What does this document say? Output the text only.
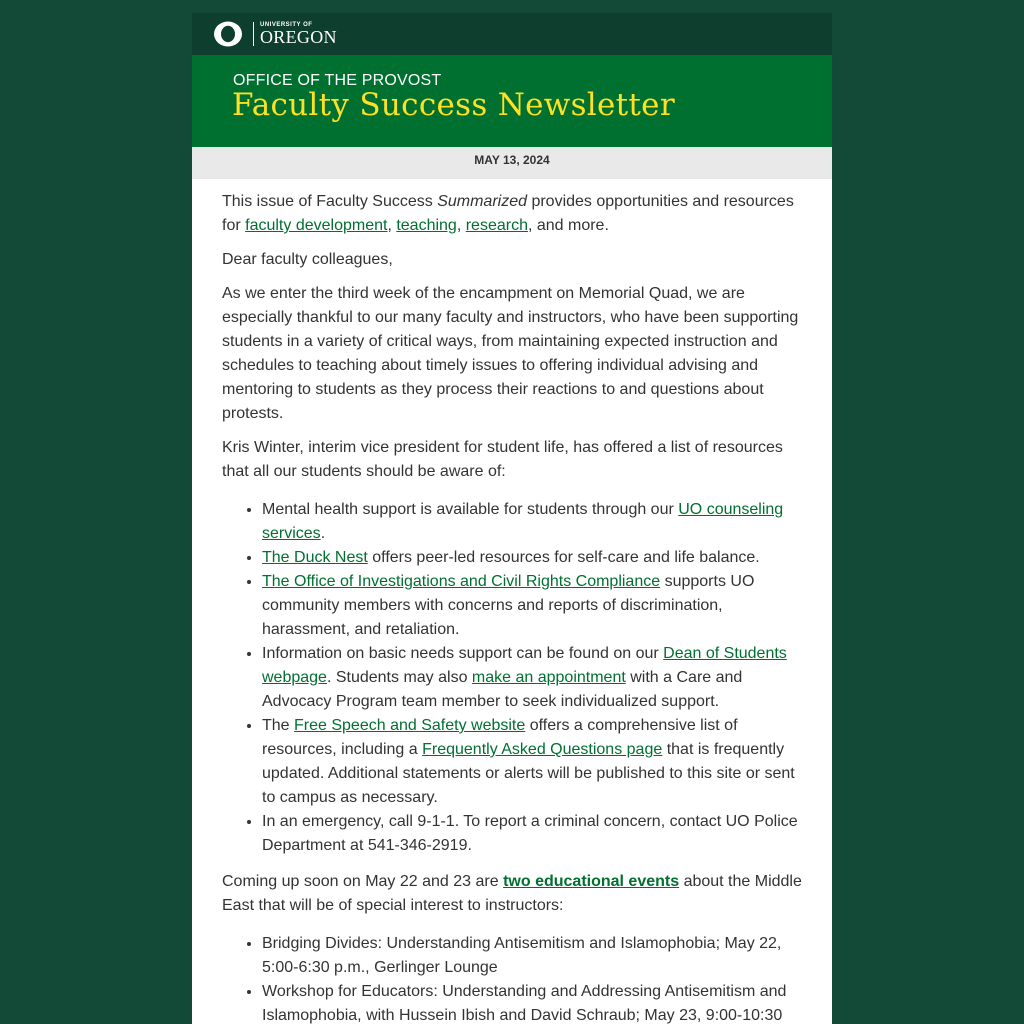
UNIVERSITY OF
OREGON
OFFICE OF THE PROVOST
Faculty Success Newsletter
MAY 13, 2024

This issue of Faculty Success Summarized provides opportunities and resources for faculty development, teaching, research, and more.

Dear faculty colleagues,

As we enter the third week of the encampment on Memorial Quad, we are especially thankful to our many faculty and instructors, who have been supporting students in a variety of critical ways, from maintaining expected instruction and schedules to teaching about timely issues to offering individual advising and mentoring to students as they process their reactions to and questions about protests.

Kris Winter, interim vice president for student life, has offered a list of resources that all our students should be aware of:

• Mental health support is available for students through our UO counseling services.
• The Duck Nest offers peer-led resources for self-care and life balance.
• The Office of Investigations and Civil Rights Compliance supports UO community members with concerns and reports of discrimination, harassment, and retaliation.
• Information on basic needs support can be found on our Dean of Students webpage. Students may also make an appointment with a Care and Advocacy Program team member to seek individualized support.
• The Free Speech and Safety website offers a comprehensive list of resources, including a Frequently Asked Questions page that is frequently updated. Additional statements or alerts will be published to this site or sent to campus as necessary.
• In an emergency, call 9-1-1. To report a criminal concern, contact UO Police Department at 541-346-2919.

Coming up soon on May 22 and 23 are two educational events about the Middle East that will be of special interest to instructors:

• Bridging Divides: Understanding Antisemitism and Islamophobia; May 22, 5:00-6:30 p.m., Gerlinger Lounge
• Workshop for Educators: Understanding and Addressing Antisemitism and Islamophobia, with Hussein Ibish and David Schraub; May 23, 9:00-10:30
